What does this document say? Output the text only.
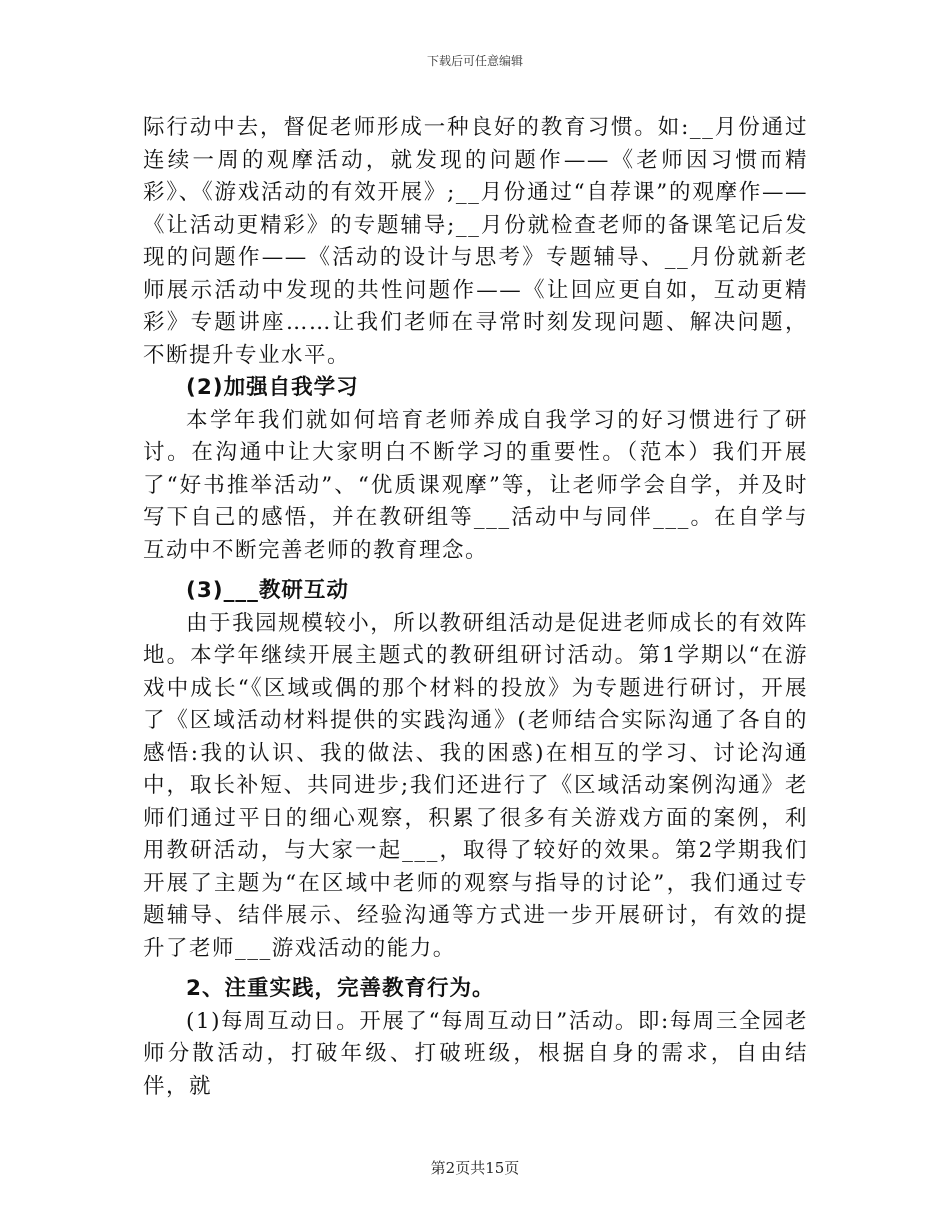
下载后可任意编辑

际行动中去，督促老师形成一种良好的教育习惯。如:__月份通过连续一周的观摩活动，就发现的问题作——《老师因习惯而精彩》、《游戏活动的有效开展》;__月份通过“自荐课”的观摩作——《让活动更精彩》的专题辅导;__月份就检查老师的备课笔记后发现的问题作——《活动的设计与思考》专题辅导、__月份就新老师展示活动中发现的共性问题作——《让回应更自如，互动更精彩》专题讲座……让我们老师在寻常时刻发现问题、解决问题，不断提升专业水平。

(2)加强自我学习

本学年我们就如何培育老师养成自我学习的好习惯进行了研讨。在沟通中让大家明白不断学习的重要性。（范本）我们开展了“好书推举活动”、“优质课观摩”等，让老师学会自学，并及时写下自己的感悟，并在教研组等___活动中与同伴___。在自学与互动中不断完善老师的教育理念。

(3)___教研互动

由于我园规模较小，所以教研组活动是促进老师成长的有效阵地。本学年继续开展主题式的教研组研讨活动。第1学期以“在游戏中成长“《区域或偶的那个材料的投放》为专题进行研讨，开展了《区域活动材料提供的实践沟通》(老师结合实际沟通了各自的感悟:我的认识、我的做法、我的困惑)在相互的学习、讨论沟通中，取长补短、共同进步;我们还进行了《区域活动案例沟通》老师们通过平日的细心观察，积累了很多有关游戏方面的案例，利用教研活动，与大家一起___，取得了较好的效果。第2学期我们开展了主题为“在区域中老师的观察与指导的讨论”，我们通过专题辅导、结伴展示、经验沟通等方式进一步开展研讨，有效的提升了老师___游戏活动的能力。

2、注重实践，完善教育行为。

(1)每周互动日。开展了“每周互动日”活动。即:每周三全园老师分散活动，打破年级、打破班级，根据自身的需求，自由结伴，就

第2页共15页
